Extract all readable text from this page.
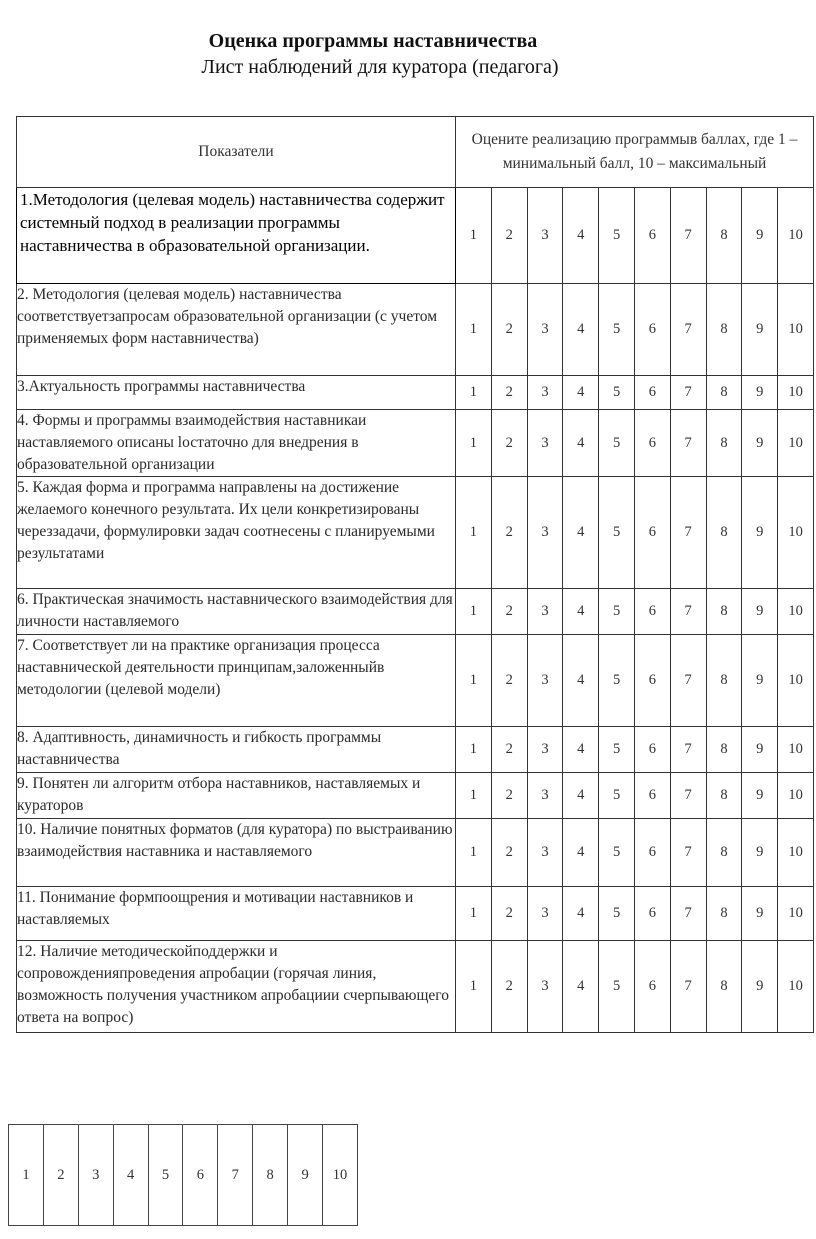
Оценка программы наставничества
Лист наблюдений для куратора (педагога)
Показатели	Оцените реализацию программыв баллах, где 1 – минимальный балл, 10 – максимальный									
1.Методология (целевая модель) наставничества содержит системный подход в реализации программы наставничества в образовательной организации.	1	2	3	4	5	6	7	8	9	10
2. Методология (целевая модель) наставничества соответствуетзапросам образовательной организации (с учетом применяемых форм наставничества)	1	2	3	4	5	6	7	8	9	10
3.Актуальность программы наставничества	1	2	3	4	5	6	7	8	9	10
4. Формы и программы взаимодействия наставникаи наставляемого описаны lостаточно для внедрения в образовательной организации	1	2	3	4	5	6	7	8	9	10
5. Каждая форма и программа направлены на достижение желаемого конечного результата. Их цели конкретизированы череззадачи, формулировки задач соотнесены с планируемыми результатами	1	2	3	4	5	6	7	8	9	10
6. Практическая значимость наставнического взаимодействия для личности наставляемого	1	2	3	4	5	6	7	8	9	10
7. Соответствует ли на практике организация процесса наставнической деятельности принципам,заложенныйв методологии (целевой модели)	1	2	3	4	5	6	7	8	9	10
8. Адаптивность, динамичность и гибкость программы наставничества	1	2	3	4	5	6	7	8	9	10
9. Понятен ли алгоритм отбора наставников, наставляемых и кураторов	1	2	3	4	5	6	7	8	9	10
10. Наличие понятных форматов (для куратора) по выстраиванию взаимодействия наставника и наставляемого	1	2	3	4	5	6	7	8	9	10
11. Понимание формпоощрения и мотивации наставников и наставляемых	1	2	3	4	5	6	7	8	9	10
12. Наличие методическойподдержки и сопровожденияпроведения апробации (горячая линия, возможность получения участником апробациии счерпывающего ответа на вопрос)	1	2	3	4	5	6	7	8	9	10
1	2	3	4	5	6	7	8	9	10
